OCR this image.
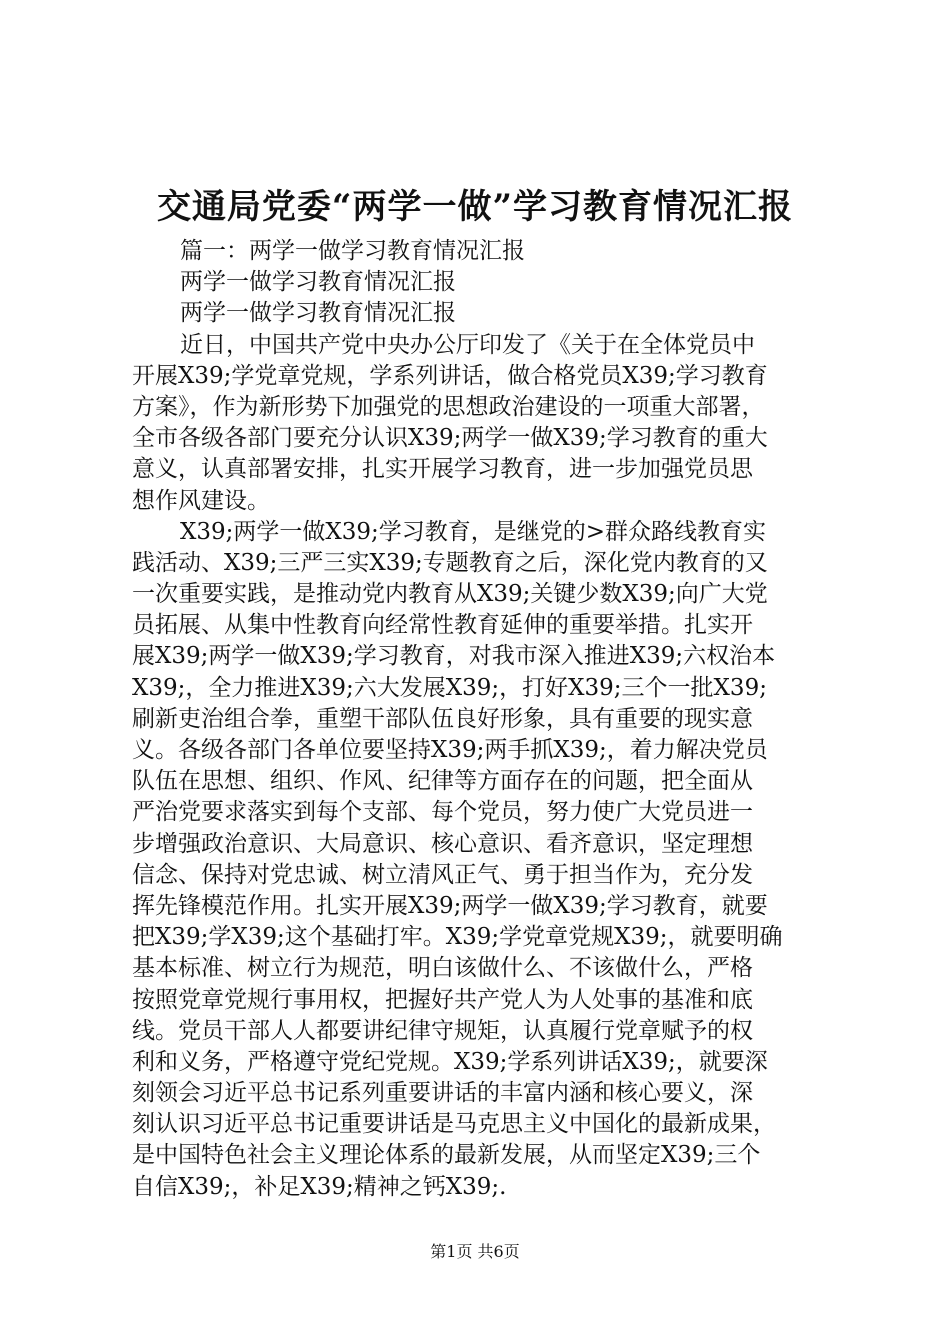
交通局党委“两学一做”学习教育情况汇报
篇一：两学一做学习教育情况汇报
两学一做学习教育情况汇报
两学一做学习教育情况汇报
近日，中国共产党中央办公厅印发了《关于在全体党员中
开展X39;学党章党规，学系列讲话，做合格党员X39;学习教育
方案》，作为新形势下加强党的思想政治建设的一项重大部署，
全市各级各部门要充分认识X39;两学一做X39;学习教育的重大
意义，认真部署安排，扎实开展学习教育，进一步加强党员思
想作风建设。
X39;两学一做X39;学习教育，是继党的>群众路线教育实
践活动、X39;三严三实X39;专题教育之后，深化党内教育的又
一次重要实践，是推动党内教育从X39;关键少数X39;向广大党
员拓展、从集中性教育向经常性教育延伸的重要举措。扎实开
展X39;两学一做X39;学习教育，对我市深入推进X39;六权治本
X39;，全力推进X39;六大发展X39;，打好X39;三个一批X39;
刷新吏治组合拳，重塑干部队伍良好形象，具有重要的现实意
义。各级各部门各单位要坚持X39;两手抓X39;，着力解决党员
队伍在思想、组织、作风、纪律等方面存在的问题，把全面从
严治党要求落实到每个支部、每个党员，努力使广大党员进一
步增强政治意识、大局意识、核心意识、看齐意识，坚定理想
信念、保持对党忠诚、树立清风正气、勇于担当作为，充分发
挥先锋模范作用。扎实开展X39;两学一做X39;学习教育，就要
把X39;学X39;这个基础打牢。X39;学党章党规X39;，就要明确
基本标准、树立行为规范，明白该做什么、不该做什么，严格
按照党章党规行事用权，把握好共产党人为人处事的基准和底
线。党员干部人人都要讲纪律守规矩，认真履行党章赋予的权
利和义务，严格遵守党纪党规。X39;学系列讲话X39;，就要深
刻领会习近平总书记系列重要讲话的丰富内涵和核心要义，深
刻认识习近平总书记重要讲话是马克思主义中国化的最新成果，
是中国特色社会主义理论体系的最新发展，从而坚定X39;三个
自信X39;，补足X39;精神之钙X39;.
第1页 共6页
